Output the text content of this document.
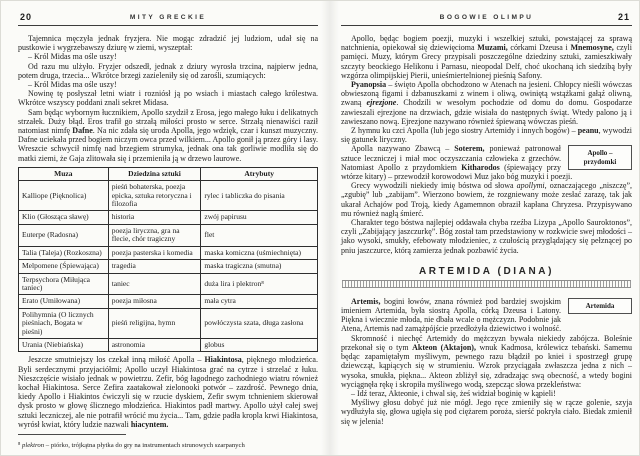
20	MITY GRECKIE

Tajemnica męczyła jednak fryzjera. Nie mogąc zdradzić jej ludziom, udał się na pustkowie i wygrzebawszy dziurę w ziemi, wyszeptał:

– Król Midas ma ośle uszy!

Od razu mu ulżyło. Fryzjer odszedł, jednak z dziury wyrosła trzcina, najpierw jedna, potem druga, trzecia... Wkrótce brzegi zazieleniły się od zarośli, szumiących:

– Król Midas ma ośle uszy!

Nowinę tę posłyszał letni wiatr i rozniósł ją po wsiach i miastach całego królestwa. Wkrótce wszyscy poddani znali sekret Midasa.

Sam będąc wybornym łucznikiem, Apollo szydził z Erosa, jego małego łuku i delikatnych strzałek. Duży błąd. Eros trafił go strzałą miłości prosto w serce. Strzałą nienawiści raził natomiast nimfę Dafne. Na nic zdała się uroda Apolla, jego wdzięk, czar i kunszt muzyczny. Dafne uciekała przed bogiem niczym owca przed wilkiem... Apollo gonił ją przez góry i lasy. Wreszcie schwycił nimfę nad brzegiem strumyka, jednak ona tak gorliwie modliła się do matki ziemi, że Gaja zlitowała się i przemieniła ją w drzewo laurowe.

Muza	Dziedzina sztuki	Atrybuty
Kalliope (Pięknolica)	pieśń bohaterska, poezja epicka, sztuka retoryczna i filozofia	rylec i tabliczka do pisania
Klio (Głosząca sławę)	historia	zwój papirusu
Euterpe (Radosna)	poezja liryczna, gra na flecie, chór tragiczny	flet
Talia (Taleja) (Rozkoszna)	poezja pasterska i komedia	maska komiczna (uśmiechnięta)
Melpomene (Śpiewająca)	tragedia	maska tragiczna (smutna)
Terpsychora (Miłująca taniec)	taniec	duża lira i plektron⁸
Erato (Umiłowana)	poezja miłosna	mała cytra
Polihymnia (O licznych pieśniach, Bogata w pieśni)	pieśń religijna, hymn	powłóczysta szata, długa zasłona
Urania (Niebiańska)	astronomia	globus

Jeszcze smutniejszy los czekał inną miłość Apolla – Hiakintosa, pięknego młodzieńca. Byli serdecznymi przyjaciółmi; Apollo uczył Hiakintosa grać na cytrze i strzelać z łuku. Nieszczęście wisiało jednak w powietrzu. Zefir, bóg łagodnego zachodniego wiatru również kochał Hiakintosa. Serce Zefira zaatakował zielonooki potwór – zazdrość. Pewnego dnia, kiedy Apollo i Hiakintos ćwiczyli się w rzucie dyskiem, Zefir swym tchnieniem skierował dysk prosto w głowę ślicznego młodzieńca. Hiakintos padł martwy. Apollo użył całej swej sztuki leczniczej, ale nie potrafił wrócić mu życia... Tam, gdzie padła kropla krwi Hiakintosa, wyrósł kwiat, który ludzie nazwali hiacyntem.

⁸ plektron – piórko, trójkątna płytka do gry na instrumentach strunowych szarpanych

BOGOWIE OLIMPU	21

Apollo, będąc bogiem poezji, muzyki i wszelkiej sztuki, powstającej za sprawą natchnienia, opiekował się dziewięcioma Muzami, córkami Dzeusa i Mnemosyne, czyli pamięci. Muzy, którym Grecy przypisali poszczególne dziedziny sztuki, zamieszkiwały szczyty beockiego Helikonu i Parnasu, nieopodal Delf, choć ukochaną ich siedzibą były wzgórza olimpijskiej Pierii, unieśmiertelnionej pieśnią Safony.

Pyanopsia – święto Apolla obchodzono w Atenach na jesieni. Chłopcy nieśli wówczas obwieszoną figami i dzbanuszkami z winem i oliwą, owiniętą wstążkami gałąź oliwną, zwaną ejrezjone. Chodzili w wesołym pochodzie od domu do domu. Gospodarze zawieszali ejrezjone na drzwiach, gdzie wisiała do następnych świąt. Wtedy palono ją i zawieszano nową. Ejrezjone nazywano również śpiewaną wówczas pieśń.

Z hymnu ku czci Apolla (lub jego siostry Artemidy i innych bogów) – peanu, wywodzi się gatunek liryczny.

Apollo – przydomki
Apolla nazywano Zbawcą – Soterem, ponieważ patronował sztuce leczniczej i miał moc oczyszczania człowieka z grzechów. Natomiast Apollo z przydomkiem Kitharodos (śpiewający przy wtórze kitary) – przewodził korowodowi Muz jako bóg muzyki i poezji.

Grecy wywodzili niekiedy imię bóstwa od słowa apollymi, oznaczającego „niszczę”, „zgubię” lub „zabijam”. Wierzono bowiem, że rozgniewany może zesłać zarazę, tak jak ukarał Achajów pod Troją, kiedy Agamemnon obraził kapłana Chryzesa. Przypisywano mu również nagłą śmierć.

Charakter tego bóstwa najlepiej oddawała chyba rzeźba Lizypa „Apollo Sauroktonos”, czyli „Zabijający jaszczurkę”. Bóg został tam przedstawiony w rozkwicie swej młodości – jako wysoki, smukły, efebowaty młodzieniec, z czułością przyglądający się pełznącej po pniu jaszczurce, którą zamierza jednak pozbawić życia.

ARTEMIDA (DIANA)

Artemida
Artemis, bogini łowów, znana również pod bardziej swojskim imieniem Artemida, była siostrą Apolla, córką Dzeusa i Latony. Piękna i wiecznie młoda, nie dbała wcale o mężczyzn. Podobnie jak Atena, Artemis nad zamążpójście przedłożyła dziewictwo i wolność.

Skromność i niechęć Artemidy do mężczyzn bywała niekiedy zabójcza. Boleśnie przekonał się o tym Akteon (Aktajon), wnuk Kadmosa, królewicz tebański. Samemu będąc zapamiętałym myśliwym, pewnego razu błądził po kniei i spostrzegł grupę dziewcząt, kąpiących się w strumieniu. Wzrok przyciągała zwłaszcza jedna z nich – wysoka, smukła, piękna... Akteon zbliżył się, zdradzając swą obecność, a wtedy bogini wyciągnęła rękę i skropiła myśliwego wodą, szepcząc słowa przekleństwa:

– Idź teraz, Akteonie, i chwal się, żeś widział boginię w kąpieli!

Myśliwy głosu dobyć już nie mógł. Jego ręce zmieniły się w rącze golenie, szyja wydłużyła się, głowa ugięła się pod ciężarem poroża, sierść pokryła ciało. Biedak zmienił się w jelenia!
